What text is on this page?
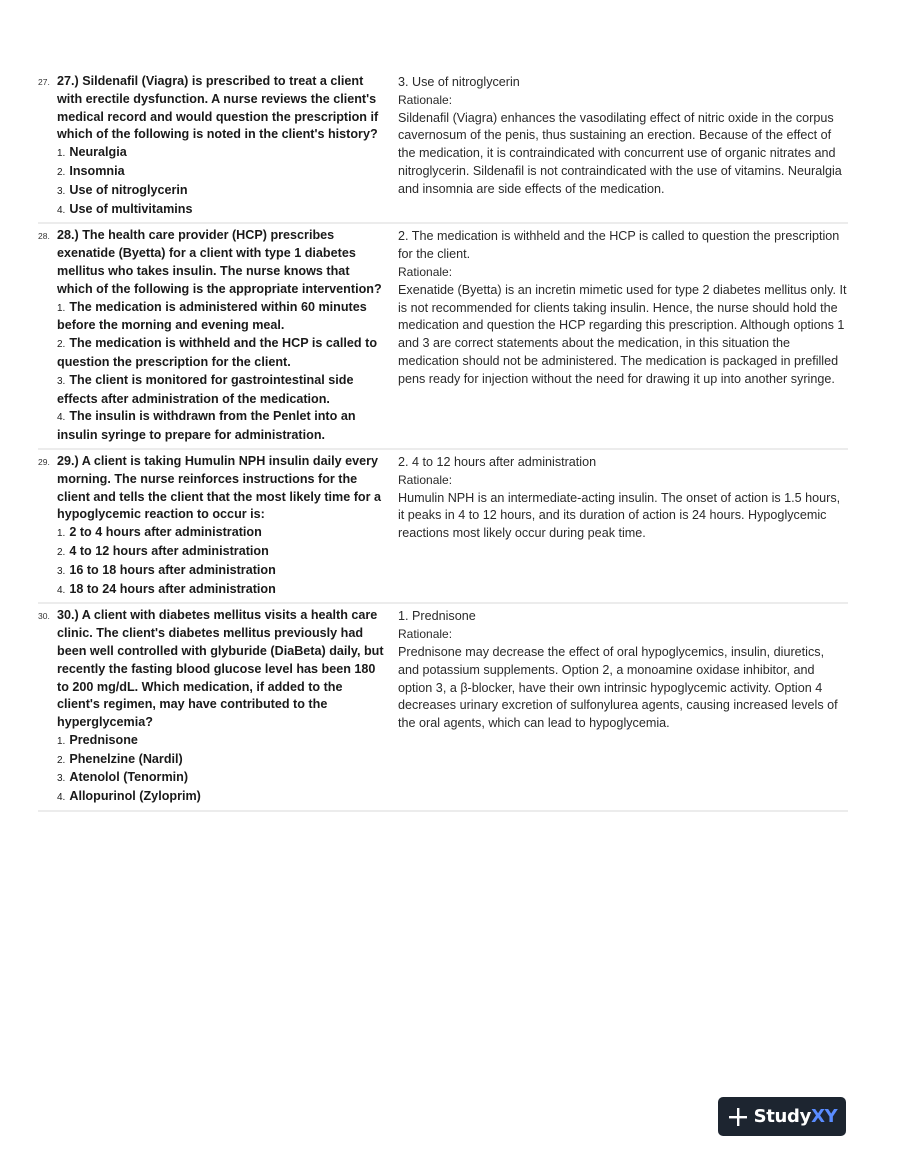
27. 27.) Sildenafil (Viagra) is prescribed to treat a client with erectile dysfunction. A nurse reviews the client's medical record and would question the prescription if which of the following is noted in the client's history?
1. Neuralgia
2. Insomnia
3. Use of nitroglycerin
4. Use of multivitamins
3. Use of nitroglycerin
Rationale:
Sildenafil (Viagra) enhances the vasodilating effect of nitric oxide in the corpus cavernosum of the penis, thus sustaining an erection. Because of the effect of the medication, it is contraindicated with concurrent use of organic nitrates and nitroglycerin. Sildenafil is not contraindicated with the use of vitamins. Neuralgia and insomnia are side effects of the medication.
28. 28.) The health care provider (HCP) prescribes exenatide (Byetta) for a client with type 1 diabetes mellitus who takes insulin. The nurse knows that which of the following is the appropriate intervention?
1. The medication is administered within 60 minutes before the morning and evening meal.
2. The medication is withheld and the HCP is called to question the prescription for the client.
3. The client is monitored for gastrointestinal side effects after administration of the medication.
4. The insulin is withdrawn from the Penlet into an insulin syringe to prepare for administration.
2. The medication is withheld and the HCP is called to question the prescription for the client.
Rationale:
Exenatide (Byetta) is an incretin mimetic used for type 2 diabetes mellitus only. It is not recommended for clients taking insulin. Hence, the nurse should hold the medication and question the HCP regarding this prescription. Although options 1 and 3 are correct statements about the medication, in this situation the medication should not be administered. The medication is packaged in prefilled pens ready for injection without the need for drawing it up into another syringe.
29. 29.) A client is taking Humulin NPH insulin daily every morning. The nurse reinforces instructions for the client and tells the client that the most likely time for a hypoglycemic reaction to occur is:
1. 2 to 4 hours after administration
2. 4 to 12 hours after administration
3. 16 to 18 hours after administration
4. 18 to 24 hours after administration
2. 4 to 12 hours after administration
Rationale:
Humulin NPH is an intermediate-acting insulin. The onset of action is 1.5 hours, it peaks in 4 to 12 hours, and its duration of action is 24 hours. Hypoglycemic reactions most likely occur during peak time.
30. 30.) A client with diabetes mellitus visits a health care clinic. The client's diabetes mellitus previously had been well controlled with glyburide (DiaBeta) daily, but recently the fasting blood glucose level has been 180 to 200 mg/dL. Which medication, if added to the client's regimen, may have contributed to the hyperglycemia?
1. Prednisone
2. Phenelzine (Nardil)
3. Atenolol (Tenormin)
4. Allopurinol (Zyloprim)
1. Prednisone
Rationale:
Prednisone may decrease the effect of oral hypoglycemics, insulin, diuretics, and potassium supplements. Option 2, a monoamine oxidase inhibitor, and option 3, a β-blocker, have their own intrinsic hypoglycemic activity. Option 4 decreases urinary excretion of sulfonylurea agents, causing increased levels of the oral agents, which can lead to hypoglycemia.
StudyXY
